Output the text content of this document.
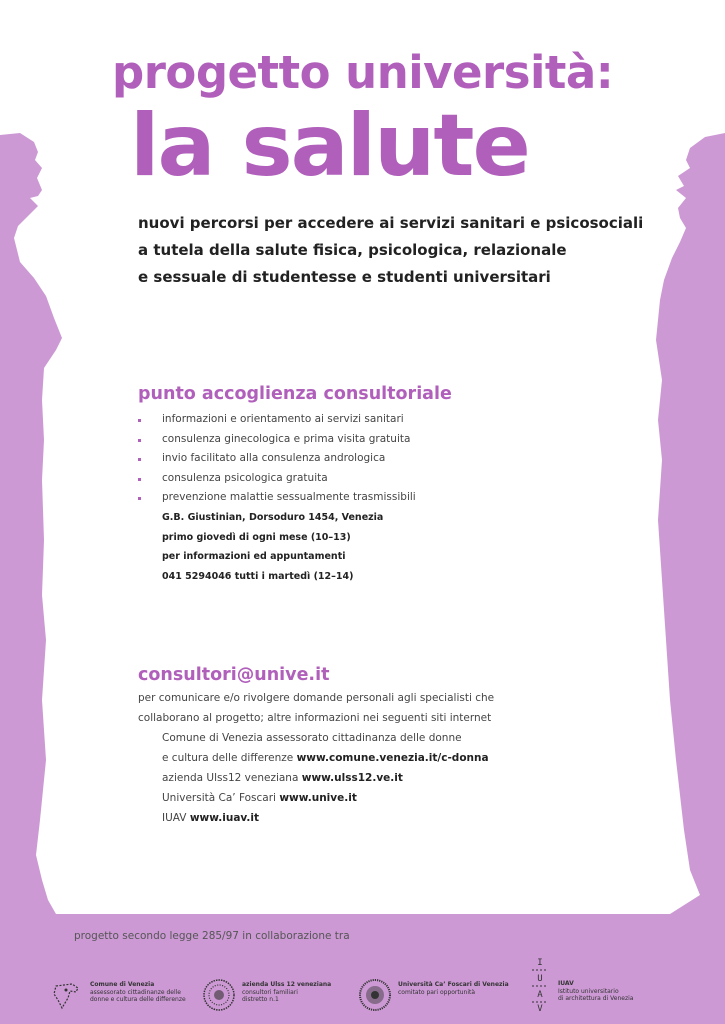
progetto università:
la salute
nuovi percorsi per accedere ai servizi sanitari e psicosociali
a tutela della salute fisica, psicologica, relazionale
e sessuale di studentesse e studenti universitari
punto accoglienza consultoriale
informazioni e orientamento ai servizi sanitari
consulenza ginecologica e prima visita gratuita
invio facilitato alla consulenza andrologica
consulenza psicologica gratuita
prevenzione malattie sessualmente trasmissibili
G.B. Giustinian, Dorsoduro 1454, Venezia
primo giovedì di ogni mese (10–13)
per informazioni ed appuntamenti
041 5294046 tutti i martedì (12–14)
consultori@unive.it
per comunicare e/o rivolgere domande personali agli specialisti che
collaborano al progetto; altre informazioni nei seguenti siti internet
Comune di Venezia assessorato cittadinanza delle donne
e cultura delle differenze www.comune.venezia.it/c-donna
azienda Ulss12 veneziana www.ulss12.ve.it
Università Ca’ Foscari www.unive.it
IUAV www.iuav.it
progetto secondo legge 285/97 in collaborazione tra
Comune di Venezia
assessorato cittadinanze delle
donne e cultura delle differenze
azienda Ulss 12 veneziana
consultori familiari
distretto n.1
Università Ca’ Foscari di Venezia
comitato pari opportunità
I
U
A
V
IUAV
Istituto universitario
di architettura di Venezia
